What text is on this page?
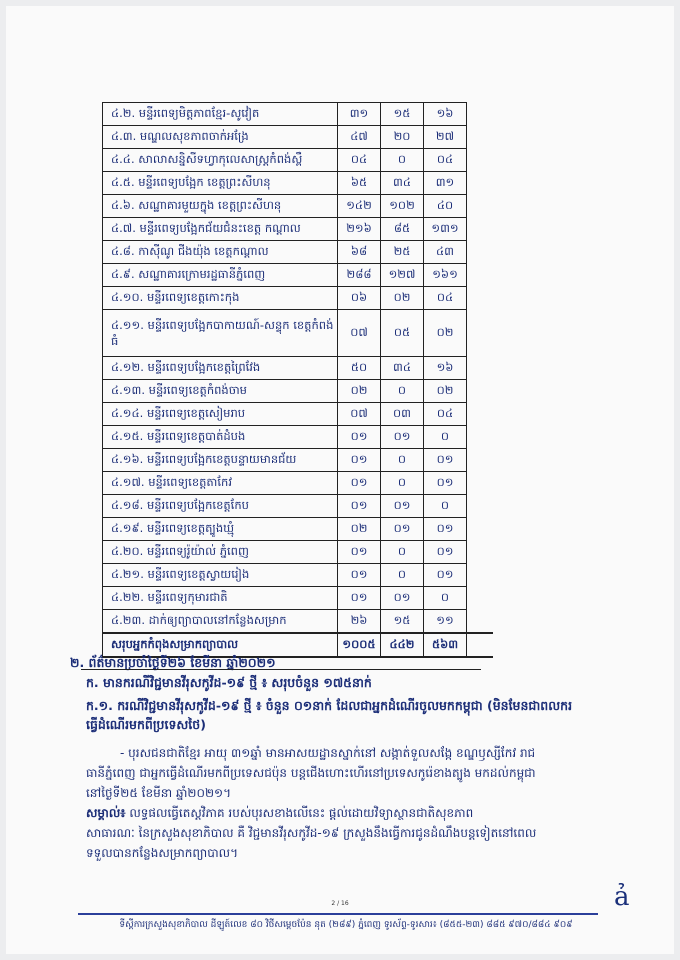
៤.២. មន្ទីរពេទ្យមិត្តភាពខ្មែរ-សូវៀត	៣១	១៥	១៦	
៤.៣. មណ្ឌលសុខភាពចាក់អង្រែ	៤៧	២០	២៧	
៤.៤. សាលាសន្និសីទហ្វាកុលេសាស្ត្រកំពង់ស្ពឺ	០៤	០	០៤	
៤.៥. មន្ទីរពេទ្យបង្អែក ខេត្តព្រះសីហនុ	៦៥	៣៤	៣១	
៤.៦. សណ្ឋាគារមួយក្នុង ខេត្តព្រះសីហនុ	១៤២	១០២	៤០	
៤.៧. មន្ទីរពេទ្យបង្អែកជ័យជំនះខេត្ត កណ្ដាល	២១៦	៨៥	១៣១	
៤.៨. កាស៊ីណូ ជីងយ៉ុង ខេត្តកណ្ដាល	៦៨	២៥	៤៣	
៤.៩. សណ្ឋាគារក្រោមរដ្ឋធានីភ្នំពេញ	២៨៨	១២៧	១៦១	
៤.១០. មន្ទីរពេទ្យខេត្តកោះកុង	០៦	០២	០៤	
៤.១១. មន្ទីរពេទ្យបង្អែកបាកាយណ៍-សន្ទុក ខេត្តកំពង់ធំ	០៧	០៥	០២	
៤.១២. មន្ទីរពេទ្យបង្អែកខេត្តព្រៃវែង	៥០	៣៤	១៦	
៤.១៣. មន្ទីរពេទ្យខេត្តកំពង់ចាម	០២	០	០២	
៤.១៤. មន្ទីរពេទ្យខេត្តសៀមរាប	០៧	០៣	០៤	
៤.១៥. មន្ទីរពេទ្យខេត្តបាត់ដំបង	០១	០១	០	
៤.១៦. មន្ទីរពេទ្យបង្អែកខេត្តបន្ទាយមានជ័យ	០១	០	០១	
៤.១៧. មន្ទីរពេទ្យខេត្តតាកែវ	០១	០	០១	
៤.១៨. មន្ទីរពេទ្យបង្អែកខេត្តកែប	០១	០១	០	
៤.១៩. មន្ទីរពេទ្យខេត្តត្បូងឃ្មុំ	០២	០១	០១	
៤.២០. មន្ទីរពេទ្យរ៉ូយ៉ាល់ ភ្នំពេញ	០១	០	០១	
៤.២១. មន្ទីរពេទ្យខេត្តស្វាយរៀង	០១	០	០១	
៤.២២. មន្ទីរពេទ្យកុមារជាតិ	០១	០១	០	
៤.២៣. ដាក់ឲ្យព្យាបាលនៅកន្លែងសម្រាក	២៦	១៥	១១	
សរុបអ្នកកំពុងសម្រាកព្យាបាល	១០០៥	៤៤២	៥៦៣	
២. ព័ត៌មានប្រចាំថ្ងៃទី២៦ ខែមីនា ឆ្នាំ២០២១
ក. មានករណីវិជ្ជមានវីរុសកូវីដ-១៩ ថ្មី ៖ សរុបចំនួន ១៧៥នាក់
ក.១. ករណីវិជ្ជមានវីរុសកូវីដ-១៩ ថ្មី ៖ ចំនួន ០១នាក់ ដែលជាអ្នកដំណើរចូលមកកម្ពុជា (មិនមែនជាពលករ
ធ្វើដំណើរមកពីប្រទេសថៃ)
- បុរសជនជាតិខ្មែរ អាយុ ៣១ឆ្នាំ មានអាសយដ្ឋានស្នាក់នៅ សង្កាត់ទួលសង្កែ ខណ្ឌឫស្សីកែវ រាជ
ធានីភ្នំពេញ ជាអ្នកធ្វើដំណើរមកពីប្រទេសជប៉ុន បន្តជើងហោះហើរនៅប្រទេសកូរ៉េខាងត្បូង មកដល់កម្ពុជា
នៅថ្ងៃទី២៥ ខែមីនា ឆ្នាំ២០២១។
សម្គាល់៖ លទ្ធផលធ្វើតេស្តវិភាគ របស់បុរសខាងលើនេះ ផ្តល់ដោយវិទ្យាស្ថានជាតិសុខភាព
សាធារណៈ នៃក្រសួងសុខាភិបាល គឺ វិជ្ជមានវីរុសកូវីដ-១៩ ក្រសួងនឹងធ្វើការជូនដំណឹងបន្តទៀតនៅពេល
ទទួលបានកន្លែងសម្រាកព្យាបាល។
2 / 16
ទីស្តីការក្រសួងសុខាភិបាល ដីឡូត៍លេខ ៨០ វិថីសម្តេចប៉ែន នុត (២៨៩) ភ្នំពេញ ទូរស័ព្ទ-ទូរសារ៖ (៨៥៥-២៣) ៨៨៥ ៩៧០/៨៨៤ ៩០៩
ả
